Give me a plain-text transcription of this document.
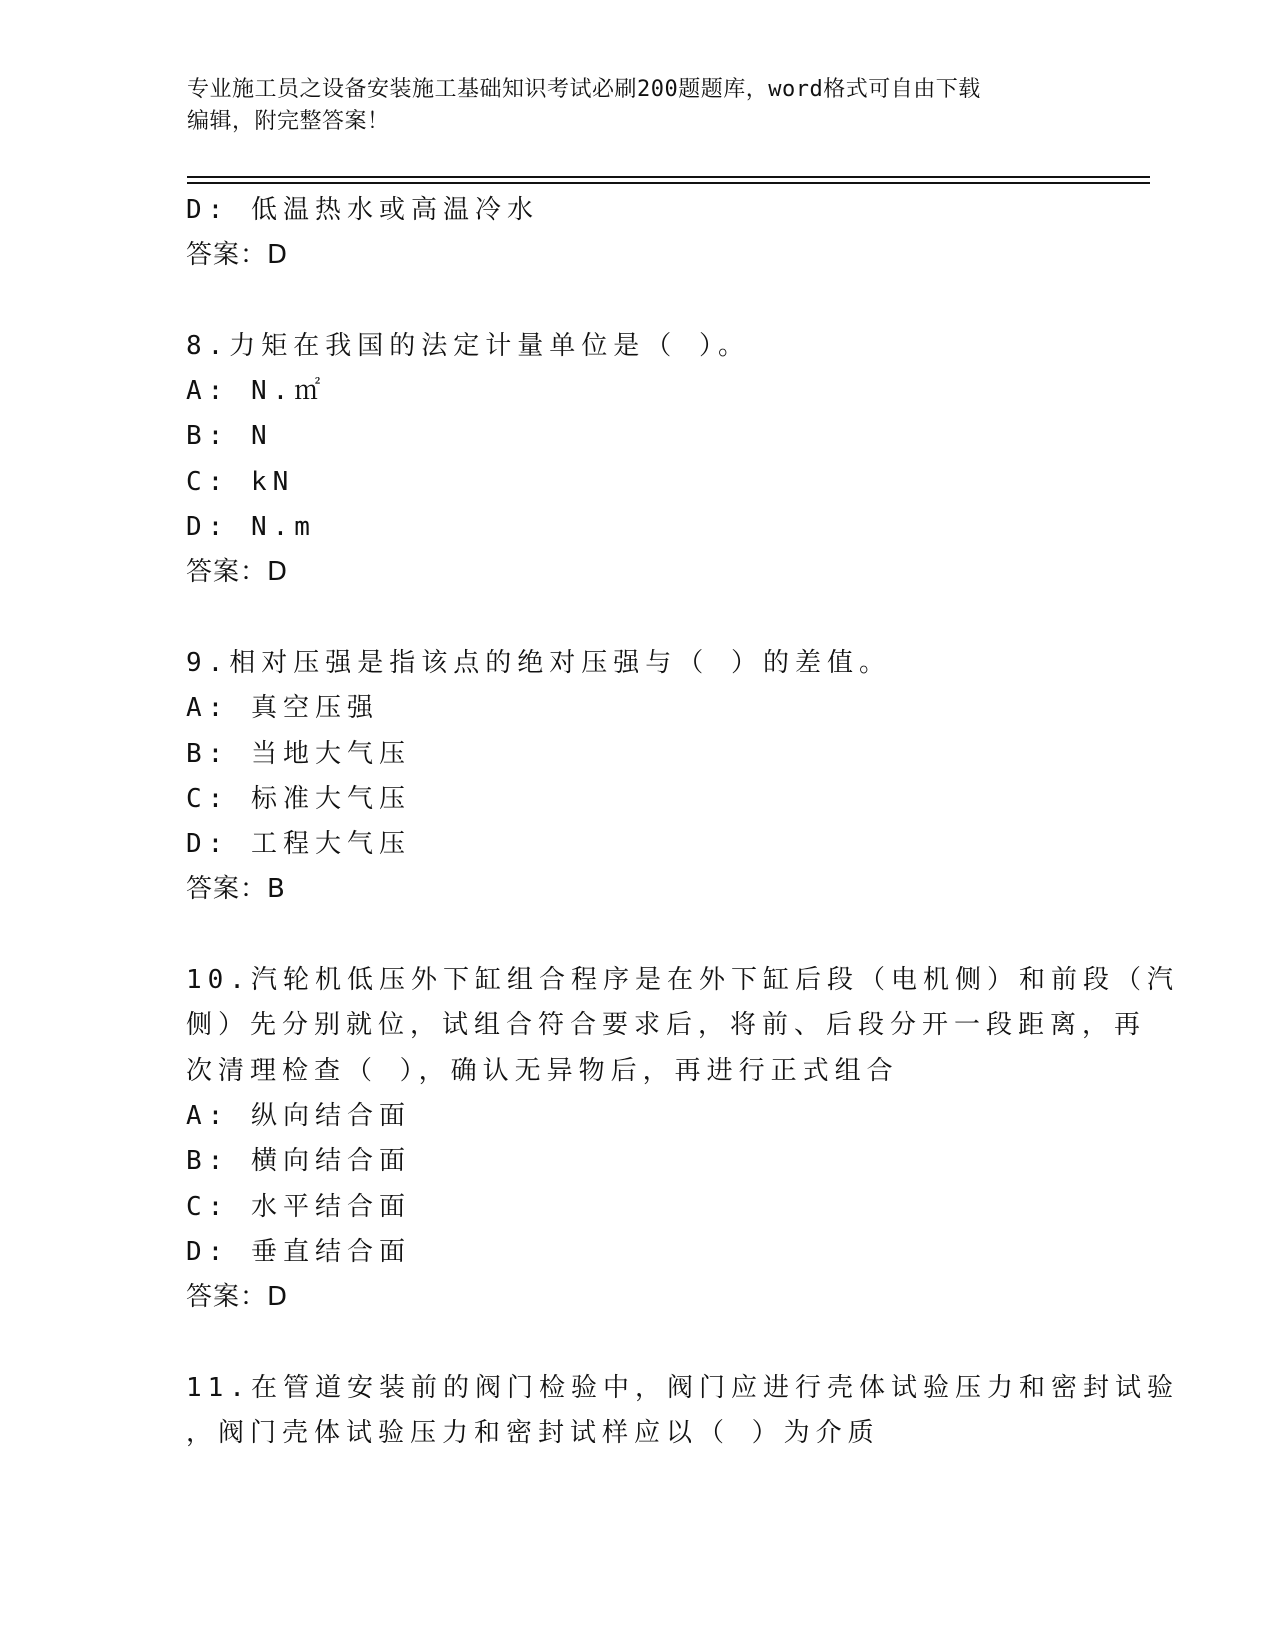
专业施工员之设备安装施工基础知识考试必刷200题题库，word格式可自由下载
编辑，附完整答案！
D: 低温热水或高温冷水
答案：D
8.力矩在我国的法定计量单位是（ ）。
A: N.㎡
B: N
C: kN
D: N.m
答案：D
9.相对压强是指该点的绝对压强与（ ）的差值。
A: 真空压强
B: 当地大气压
C: 标准大气压
D: 工程大气压
答案：B
10.汽轮机低压外下缸组合程序是在外下缸后段（电机侧）和前段（汽
侧）先分别就位，试组合符合要求后，将前、后段分开一段距离，再
次清理检查（ ），确认无异物后，再进行正式组合
A: 纵向结合面
B: 横向结合面
C: 水平结合面
D: 垂直结合面
答案：D
11.在管道安装前的阀门检验中，阀门应进行壳体试验压力和密封试验
，阀门壳体试验压力和密封试样应以（ ）为介质
